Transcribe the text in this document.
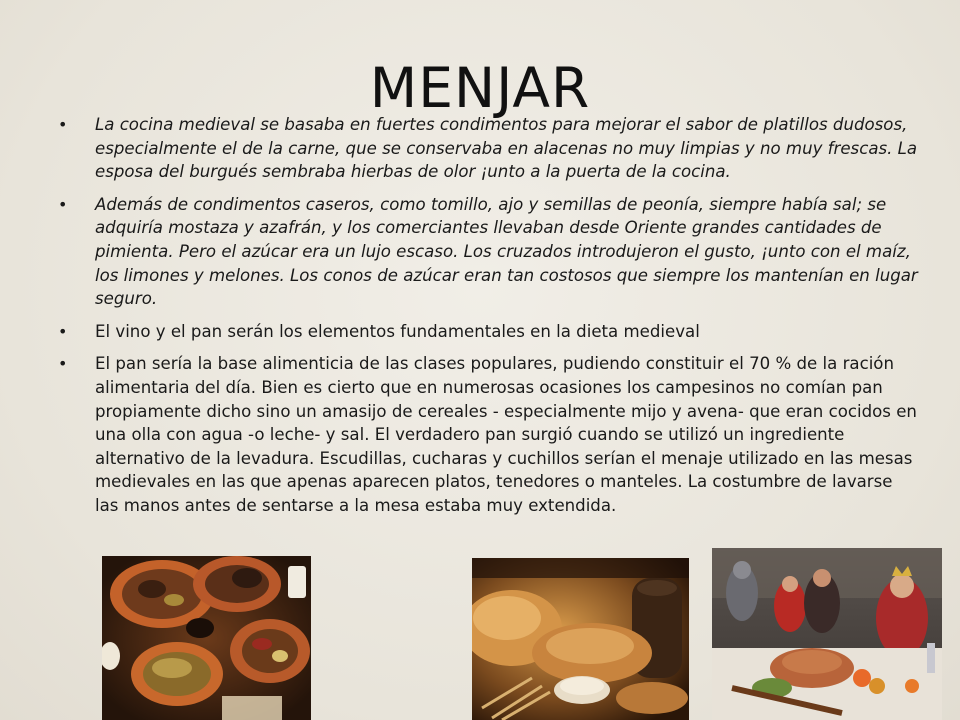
MENJAR
• La cocina medieval se basaba en fuertes condimentos para mejorar el sabor de platillos dudosos, especialmente el de la carne, que se conservaba en alacenas no muy limpias y no muy frescas. La esposa del burgués sembraba hierbas de olor ¡unto a la puerta de la cocina.
• Además de condimentos caseros, como tomillo, ajo y semillas de peonía, siempre había sal; se adquiría mostaza y azafrán, y los comerciantes llevaban desde Oriente grandes cantidades de pimienta. Pero el azúcar era un lujo escaso. Los cruzados introdujeron el gusto, ¡unto con el maíz, los limones y melones. Los conos de azúcar eran tan costosos que siempre los mantenían en lugar seguro.
• El vino y el pan serán los elementos fundamentales en la dieta medieval
• El pan sería la base alimenticia de las clases populares, pudiendo constituir el 70 % de la ración alimentaria del día. Bien es cierto que en numerosas ocasiones los campesinos no comían pan propiamente dicho sino un amasijo de cereales - especialmente mijo y avena- que eran cocidos en una olla con agua -o leche- y sal. El verdadero pan surgió cuando se utilizó un ingrediente alternativo de la levadura. Escudillas, cucharas y cuchillos serían el menaje utilizado en las mesas medievales en las que apenas aparecen platos, tenedores o manteles. La costumbre de lavarse las manos antes de sentarse a la mesa estaba muy extendida.
